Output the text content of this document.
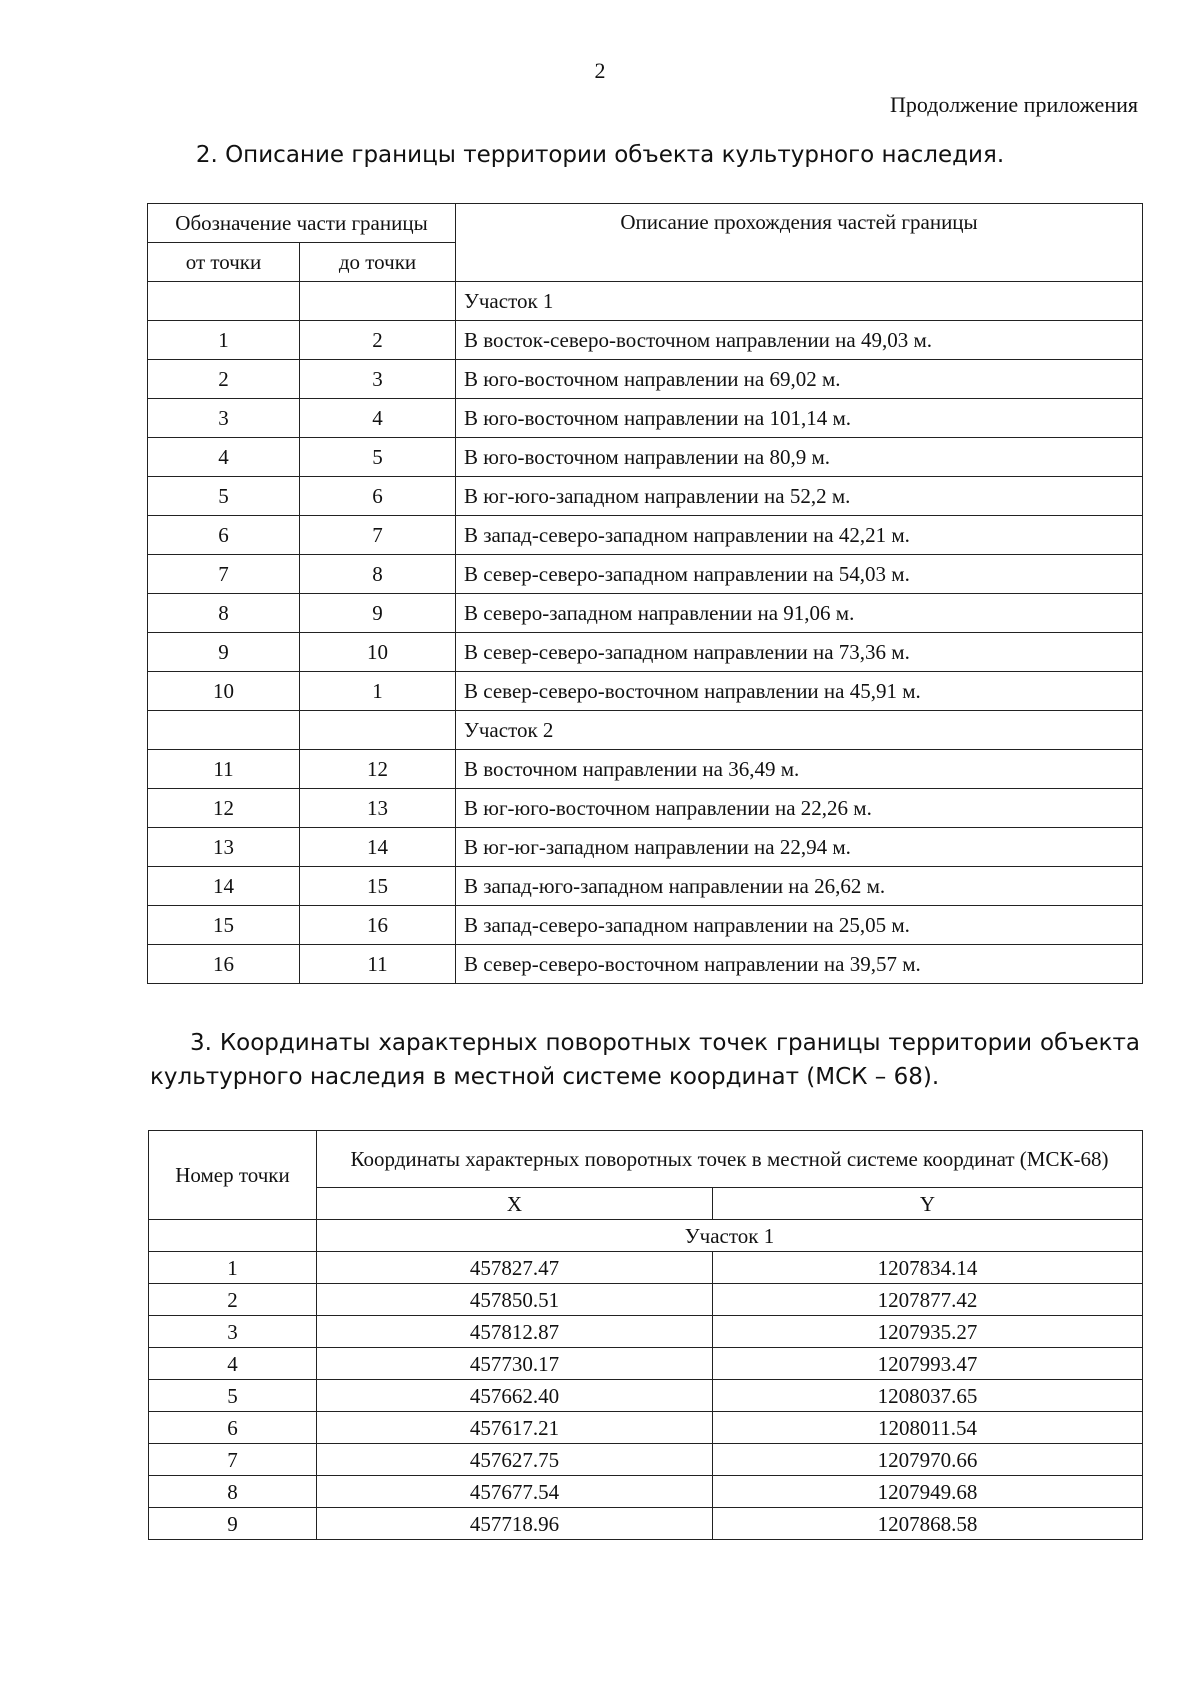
2
Продолжение приложения
2. Описание границы территории объекта культурного наследия.
Обозначение части границы		Описание прохождения частей границы
от точки	до точки	
		Участок 1
1	2	В восток-северо-восточном направлении на 49,03 м.
2	3	В юго-восточном направлении на 69,02 м.
3	4	В юго-восточном направлении на 101,14 м.
4	5	В юго-восточном направлении на 80,9 м.
5	6	В юг-юго-западном направлении на 52,2 м.
6	7	В запад-северо-западном направлении на 42,21 м.
7	8	В север-северо-западном направлении на 54,03 м.
8	9	В северо-западном направлении на 91,06 м.
9	10	В север-северо-западном направлении на 73,36 м.
10	1	В север-северо-восточном направлении на 45,91 м.
		Участок 2
11	12	В восточном направлении на 36,49 м.
12	13	В юг-юго-восточном направлении на 22,26 м.
13	14	В юг-юг-западном направлении на 22,94 м.
14	15	В запад-юго-западном направлении на 26,62 м.
15	16	В запад-северо-западном направлении на 25,05 м.
16	11	В север-северо-восточном направлении на 39,57 м.
3. Координаты характерных поворотных точек границы территории объекта культурного наследия в местной системе координат (МСК – 68).
Номер точки	Координаты характерных поворотных точек в местной системе координат (МСК-68)	
	X	Y
	Участок 1	
1	457827.47	1207834.14
2	457850.51	1207877.42
3	457812.87	1207935.27
4	457730.17	1207993.47
5	457662.40	1208037.65
6	457617.21	1208011.54
7	457627.75	1207970.66
8	457677.54	1207949.68
9	457718.96	1207868.58
